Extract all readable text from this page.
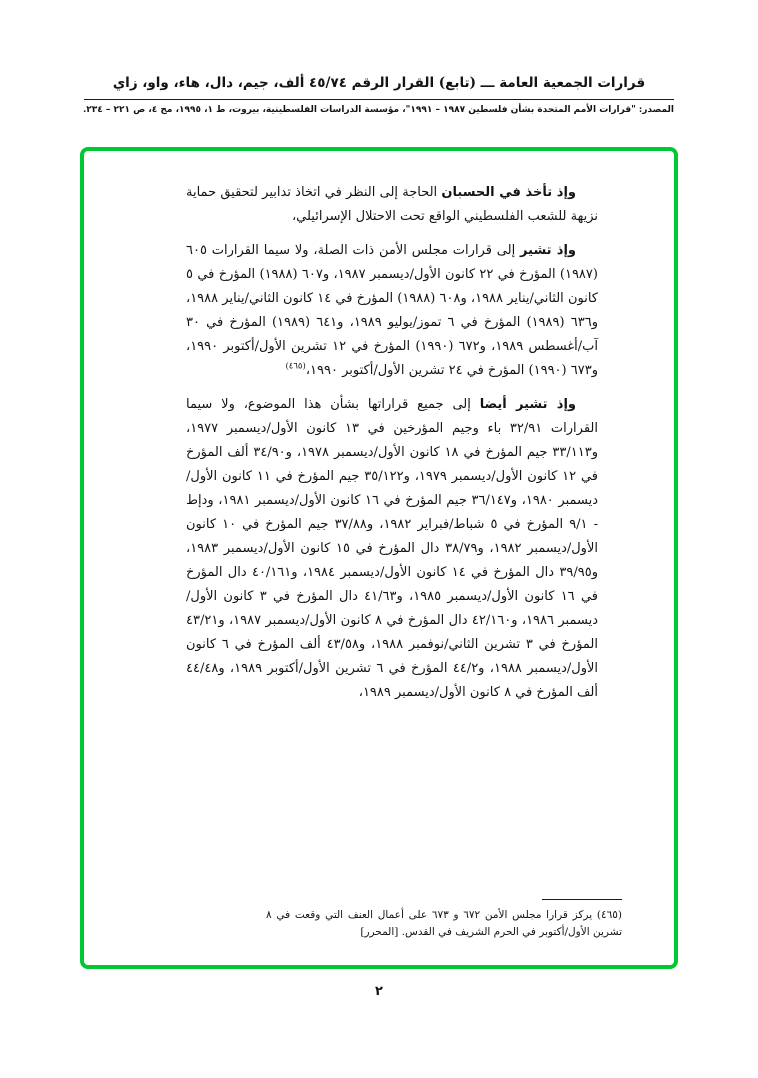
قرارات الجمعية العامة ـــ (تابع) القرار الرقم ٤٥/٧٤ ألف، جيم، دال، هاء، واو، زاي
المصدر: "قرارات الأمم المتحدة بشأن فلسطين ١٩٨٧ – ١٩٩١"، مؤسسة الدراسات الفلسطينية، بيروت، ط ١، ١٩٩٥، مج ٤، ص ٢٢١ – ٢٣٤.

وإذ تأخذ في الحسبان الحاجة إلى النظر في اتخاذ تدابير لتحقيق حماية نزيهة للشعب الفلسطيني الواقع تحت الاحتلال الإسرائيلي،

وإذ تشير إلى قرارات مجلس الأمن ذات الصلة، ولا سيما القرارات ٦٠٥ (١٩٨٧) المؤرخ في ٢٢ كانون الأول/ديسمبر ١٩٨٧، و٦٠٧ (١٩٨٨) المؤرخ في ٥ كانون الثاني/يناير ١٩٨٨، و٦٠٨ (١٩٨٨) المؤرخ في ١٤ كانون الثاني/يناير ١٩٨٨، و٦٣٦ (١٩٨٩) المؤرخ في ٦ تموز/يوليو ١٩٨٩، و٦٤١ (١٩٨٩) المؤرخ في ٣٠ آب/أغسطس ١٩٨٩، و٦٧٢ (١٩٩٠) المؤرخ في ١٢ تشرين الأول/أكتوبر ١٩٩٠، و٦٧٣ (١٩٩٠) المؤرخ في ٢٤ تشرين الأول/أكتوبر ١٩٩٠،$^{(٤٦٥)}$

وإذ تشير أيضا إلى جميع قراراتها بشأن هذا الموضوع، ولا سيما القرارات ٣٢/٩١ باء وجيم المؤرخين في ١٣ كانون الأول/ديسمبر ١٩٧٧، و٣٣/١١٣ جيم المؤرخ في ١٨ كانون الأول/ديسمبر ١٩٧٨، و٣٤/٩٠ ألف المؤرخ في ١٢ كانون الأول/ديسمبر ١٩٧٩، و٣٥/١٢٢ جيم المؤرخ في ١١ كانون الأول/ديسمبر ١٩٨٠، و٣٦/١٤٧ جيم المؤرخ في ١٦ كانون الأول/ديسمبر ١٩٨١، ودإط - ٩/١ المؤرخ في ٥ شباط/فبراير ١٩٨٢، و٣٧/٨٨ جيم المؤرخ في ١٠ كانون الأول/ديسمبر ١٩٨٢، و٣٨/٧٩ دال المؤرخ في ١٥ كانون الأول/ديسمبر ١٩٨٣، و٣٩/٩٥ دال المؤرخ في ١٤ كانون الأول/ديسمبر ١٩٨٤، و٤٠/١٦١ دال المؤرخ في ١٦ كانون الأول/ديسمبر ١٩٨٥، و٤١/٦٣ دال المؤرخ في ٣ كانون الأول/ديسمبر ١٩٨٦، و٤٢/١٦٠ دال المؤرخ في ٨ كانون الأول/ديسمبر ١٩٨٧، و٤٣/٢١ المؤرخ في ٣ تشرين الثاني/نوفمبر ١٩٨٨، و٤٣/٥٨ ألف المؤرخ في ٦ كانون الأول/ديسمبر ١٩٨٨، و٤٤/٢ المؤرخ في ٦ تشرين الأول/أكتوبر ١٩٨٩، و٤٤/٤٨ ألف المؤرخ في ٨ كانون الأول/ديسمبر ١٩٨٩،

(٤٦٥) يركز قرارا مجلس الأمن ٦٧٢ و ٦٧٣ على أعمال العنف التي وقعت في ٨ تشرين الأول/أكتوبر في الحرم الشريف في القدس. [المحرر]
٢
